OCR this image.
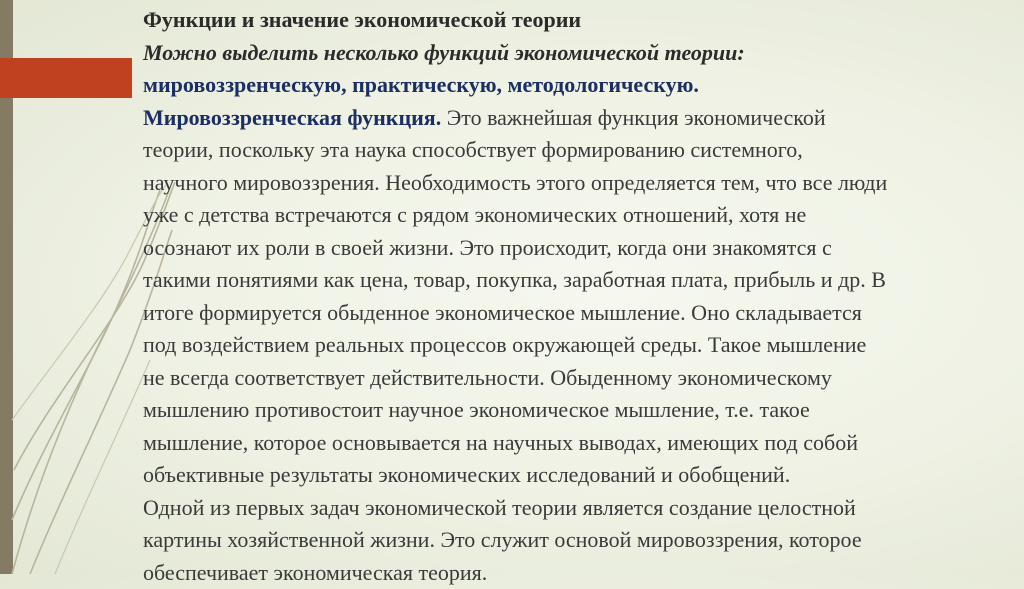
Функции и значение экономической теории
Можно выделить несколько функций экономической теории:
мировоззренческую, практическую, методологическую.
Мировоззренческая функция. Это важнейшая функция экономической
теории, поскольку эта наука способствует формированию системного,
научного мировоззрения. Необходимость этого определяется тем, что все люди
уже с детства встречаются с рядом экономических отношений, хотя не
осознают их роли в своей жизни. Это происходит, когда они знакомятся с
такими понятиями как цена, товар, покупка, заработная плата, прибыль и др. В
итоге формируется обыденное экономическое мышление. Оно складывается
под воздействием реальных процессов окружающей среды. Такое мышление
не всегда соответствует действительности. Обыденному экономическому
мышлению противостоит научное экономическое мышление, т.е. такое
мышление, которое основывается на научных выводах, имеющих под собой
объективные результаты экономических исследований и обобщений.
Одной из первых задач экономической теории является создание целостной
картины хозяйственной жизни. Это служит основой мировоззрения, которое
обеспечивает экономическая теория.
